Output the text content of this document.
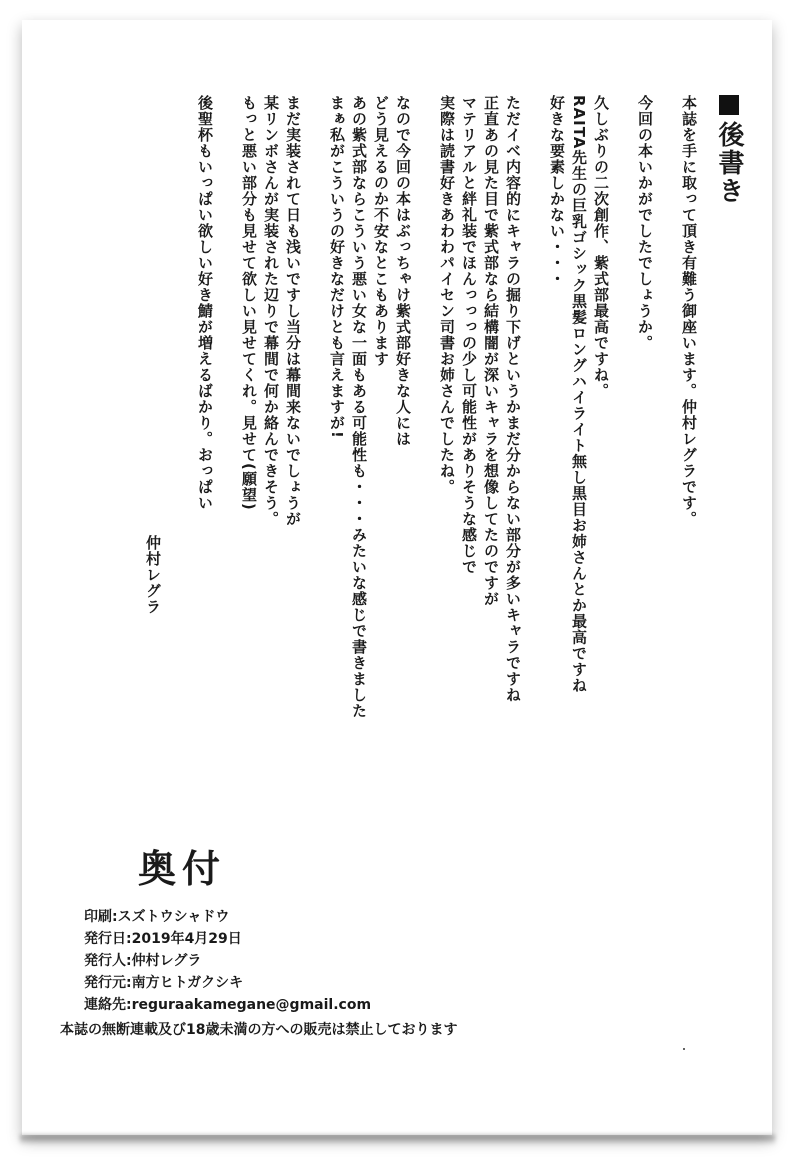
後書き

本誌を手に取って頂き有難う御座います。仲村レグラです。

今回の本いかがでしたでしょうか。

久しぶりの二次創作、紫式部最高ですね。
RAITA先生の巨乳ゴシック黒髪ロングハイライト無し黒目お姉さんとか最高ですね
好きな要素しかない・・・

ただイベ内容的にキャラの掘り下げというかまだ分からない部分が多いキャラですね
正直あの見た目で紫式部なら結構闇が深いキャラを想像してたのですが
マテリアルと絆礼装でほんっっっの少し可能性がありそうな感じで
実際は読書好きあわわパイセン司書お姉さんでしたね。

なので今回の本はぶっちゃけ紫式部好きな人には
どう見えるのか不安なとこもあります
あの紫式部ならこういう悪い女な一面もある可能性も・・・みたいな感じで書きました
まぁ私がこういうの好きなだけとも言えますが!

まだ実装されて日も浅いですし当分は幕間来ないでしょうが
某リンボさんが実装された辺りで幕間で何か絡んできそう。
もっと悪い部分も見せて欲しい見せてくれ。見せて(願望)

後聖杯もいっぱい欲しい好き鯖が増えるばかり。おっぱい

仲村レグラ
奥付
印刷:スズトウシャドウ
発行日:2019年4月29日
発行人:仲村レグラ
発行元:南方ヒトガクシキ
連絡先:reguraakamegane@gmail.com
本誌の無断連載及び18歳未満の方への販売は禁止しております
